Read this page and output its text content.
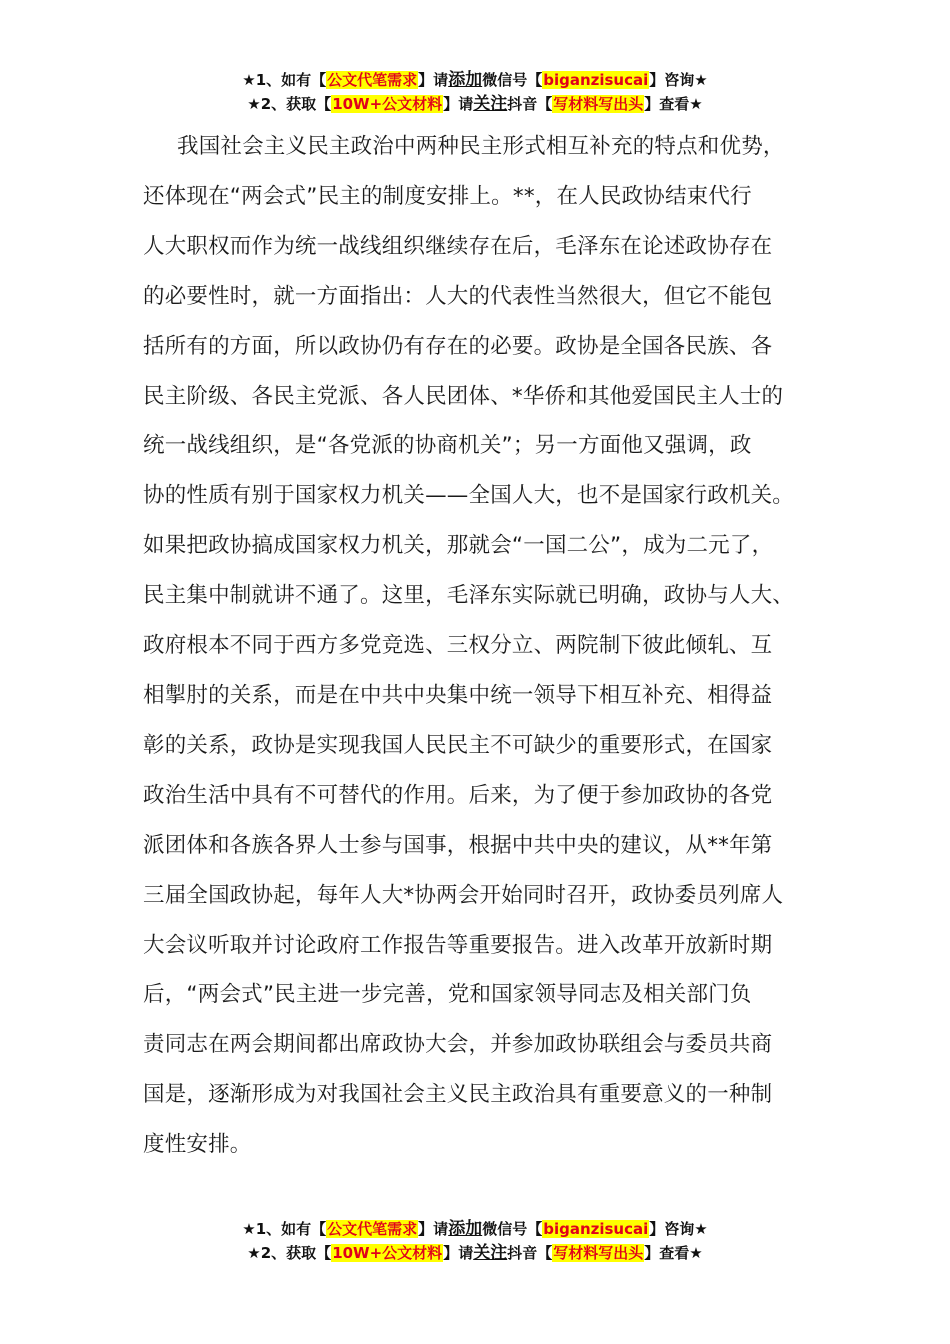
★1、如有【公文代笔需求】请添加微信号【biganzisucai】咨询★
★2、获取【10W+公文材料】请关注抖音【写材料写出头】查看★
我国社会主义民主政治中两种民主形式相互补充的特点和优势，
还体现在“两会式”民主的制度安排上。**，在人民政协结束代行
人大职权而作为统一战线组织继续存在后，毛泽东在论述政协存在
的必要性时，就一方面指出：人大的代表性当然很大，但它不能包
括所有的方面，所以政协仍有存在的必要。政协是全国各民族、各
民主阶级、各民主党派、各人民团体、*华侨和其他爱国民主人士的
统一战线组织，是“各党派的协商机关”；另一方面他又强调，政
协的性质有别于国家权力机关——全国人大，也不是国家行政机关。
如果把政协搞成国家权力机关，那就会“一国二公”，成为二元了，
民主集中制就讲不通了。这里，毛泽东实际就已明确，政协与人大、
政府根本不同于西方多党竞选、三权分立、两院制下彼此倾轧、互
相掣肘的关系，而是在中共中央集中统一领导下相互补充、相得益
彰的关系，政协是实现我国人民民主不可缺少的重要形式，在国家
政治生活中具有不可替代的作用。后来，为了便于参加政协的各党
派团体和各族各界人士参与国事，根据中共中央的建议，从**年第
三届全国政协起，每年人大*协两会开始同时召开，政协委员列席人
大会议听取并讨论政府工作报告等重要报告。进入改革开放新时期
后，“两会式”民主进一步完善，党和国家领导同志及相关部门负
责同志在两会期间都出席政协大会，并参加政协联组会与委员共商
国是，逐渐形成为对我国社会主义民主政治具有重要意义的一种制
度性安排。
★1、如有【公文代笔需求】请添加微信号【biganzisucai】咨询★
★2、获取【10W+公文材料】请关注抖音【写材料写出头】查看★
